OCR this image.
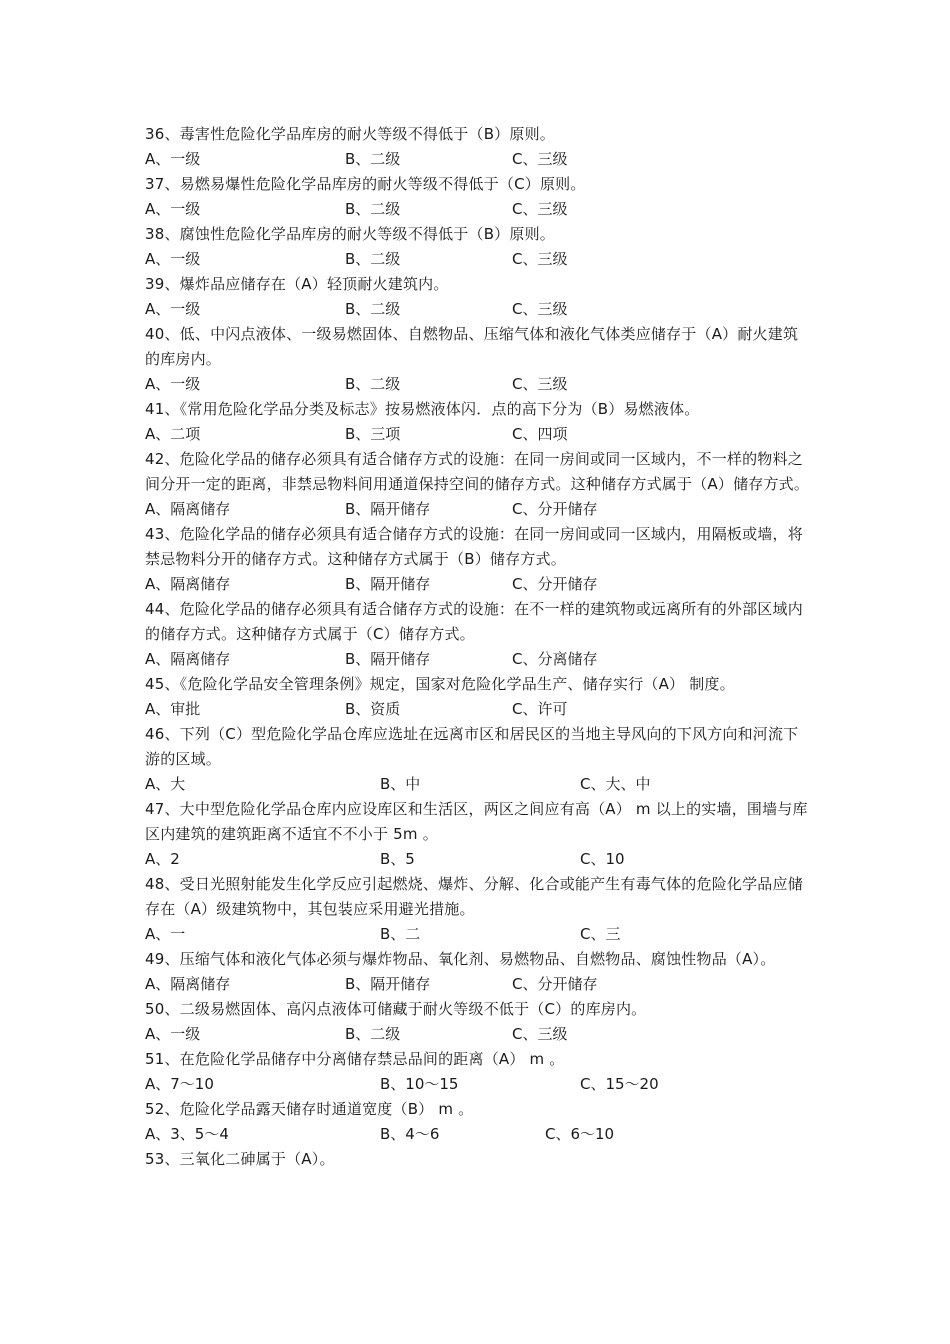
36、毒害性危险化学品库房的耐火等级不得低于（B）原则。

A、一级	B、二级	C、三级

37、易燃易爆性危险化学品库房的耐火等级不得低于（C）原则。

A、一级	B、二级	C、三级

38、腐蚀性危险化学品库房的耐火等级不得低于（B）原则。

A、一级	B、二级	C、三级

39、爆炸品应储存在（A）轻顶耐火建筑内。

A、一级	B、二级	C、三级

40、低、中闪点液体、一级易燃固体、自燃物品、压缩气体和液化气体类应储存于（A）耐火建筑的库房内。

A、一级	B、二级	C、三级

41、《常用危险化学品分类及标志》按易燃液体闪．点的高下分为（B）易燃液体。

A、二项	B、三项	C、四项

42、危险化学品的储存必须具有适合储存方式的设施：在同一房间或同一区域内，不一样的物料之间分开一定的距离，非禁忌物料间用通道保持空间的储存方式。这种储存方式属于（A）储存方式。

A、隔离储存	B、隔开储存	C、分开储存

43、危险化学品的储存必须具有适合储存方式的设施：在同一房间或同一区域内，用隔板或墙，将禁忌物料分开的储存方式。这种储存方式属于（B）储存方式。

A、隔离储存	B、隔开储存	C、分开储存

44、危险化学品的储存必须具有适合储存方式的设施：在不一样的建筑物或远离所有的外部区域内的储存方式。这种储存方式属于（C）储存方式。

A、隔离储存	B、隔开储存	C、分离储存

45、《危险化学品安全管理条例》规定，国家对危险化学品生产、储存实行（A） 制度。

A、审批	B、资质	C、许可

46、下列（C）型危险化学品仓库应选址在远离市区和居民区的当地主导风向的下风方向和河流下游的区域。

A、大	B、中	C、大、中

47、大中型危险化学品仓库内应设库区和生活区，两区之间应有高（A） m 以上的实墙，围墙与库区内建筑的建筑距离不适宜不不小于 5m 。

A、2	B、5	C、10

48、受日光照射能发生化学反应引起燃烧、爆炸、分解、化合或能产生有毒气体的危险化学品应储存在（A）级建筑物中，其包装应采用避光措施。

A、一	B、二	C、三

49、压缩气体和液化气体必须与爆炸物品、氧化剂、易燃物品、自燃物品、腐蚀性物品（A）。

A、隔离储存	B、隔开储存	C、分开储存

50、二级易燃固体、高闪点液体可储藏于耐火等级不低于（C）的库房内。

A、一级	B、二级	C、三级

51、在危险化学品储存中分离储存禁忌品间的距离（A） m 。

A、7～10	B、10～15	C、15～20

52、危险化学品露天储存时通道宽度（B） m 。

A、3、5～4	B、4～6	C、6～10

53、三氧化二砷属于（A）。
